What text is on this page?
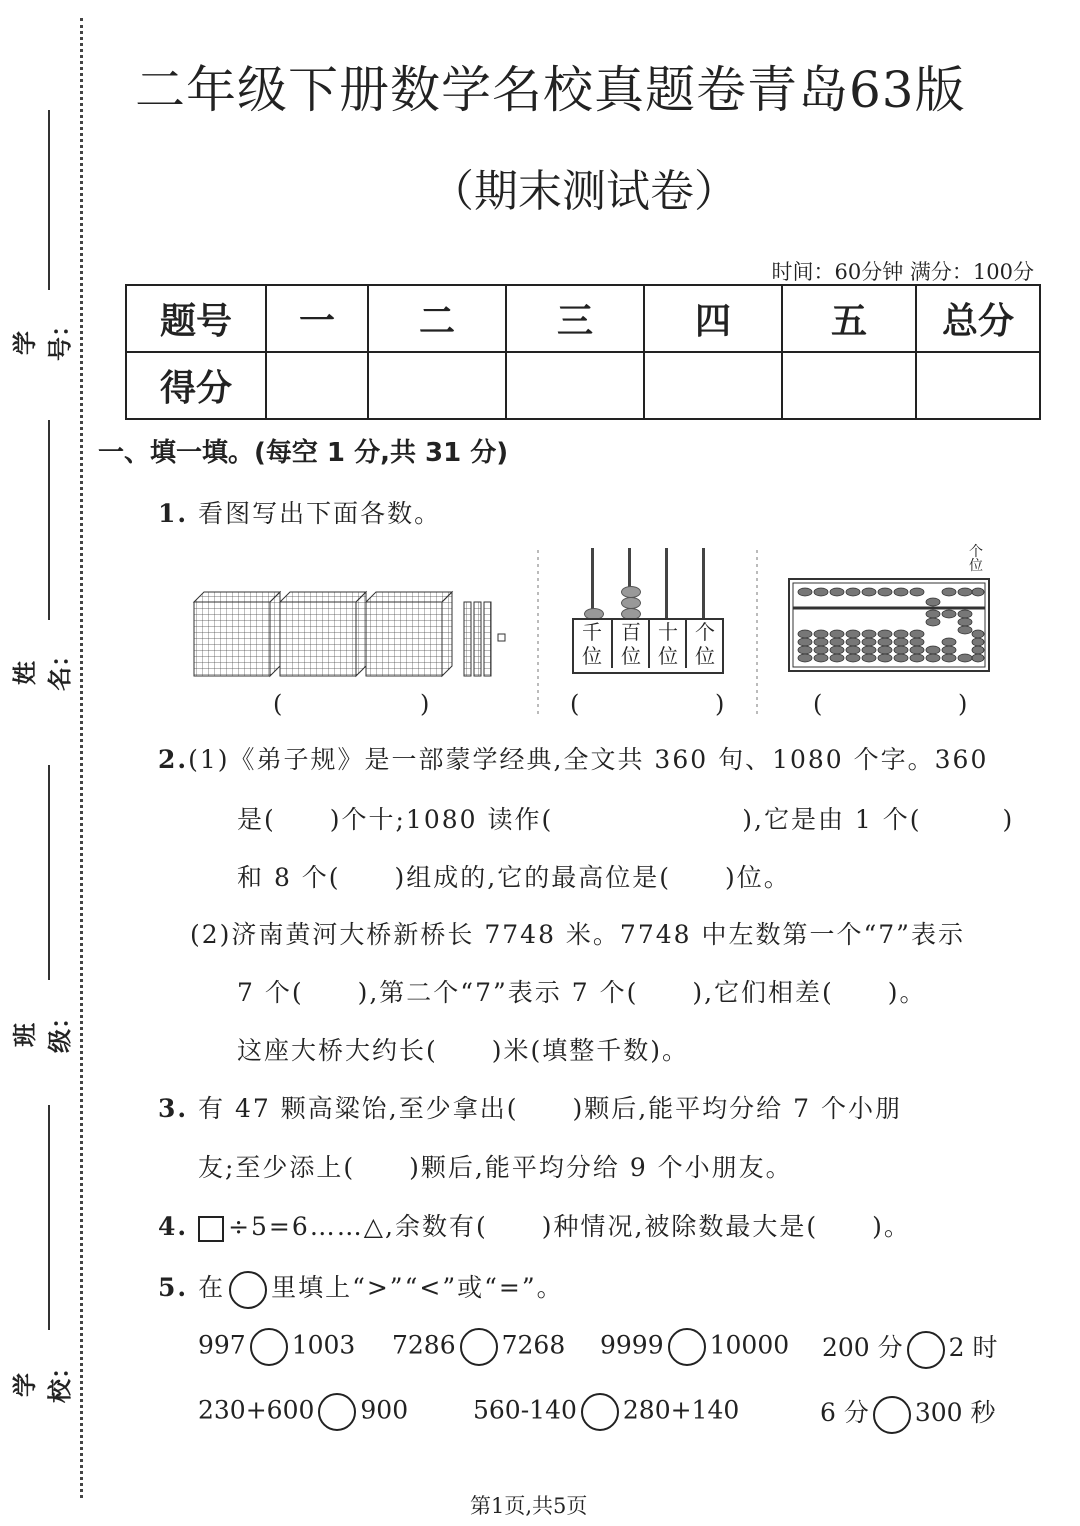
学号：
姓名：
班级：
学校：
二年级下册数学名校真题卷青岛63版
（期末测试卷）
时间：60分钟 满分：100分
题号	一	二	三	四	五	总分
得分						
一、填一填。(每空 1 分,共 31 分)
1. 看图写出下面各数。
(	)
千
位
百
位
十
位
个
位
(	)
个
位
(	)
2.(1)《弟子规》是一部蒙学经典,全文共 360 句、1080 个字。360
是(　　)个十;1080 读作(　　　　　　　),它是由 1 个(　　　)
和 8 个(　　)组成的,它的最高位是(　　)位。
(2)济南黄河大桥新桥长 7748 米。7748 中左数第一个“7”表示
7 个(　　),第二个“7”表示 7 个(　　),它们相差(　　)。
这座大桥大约长(　　)米(填整千数)。
3. 有 47 颗高粱饴,至少拿出(　　)颗后,能平均分给 7 个小朋
友;至少添上(　　)颗后,能平均分给 9 个小朋友。
4. ÷5=6……△,余数有(　　)种情况,被除数最大是(　　)。
5. 在 里填上“>”“<”或“=”。
997 1003 7286 7268 9999 10000 200 分 2 时
230+600 900	560-140 280+140	6 分 300 秒
第1页,共5页
